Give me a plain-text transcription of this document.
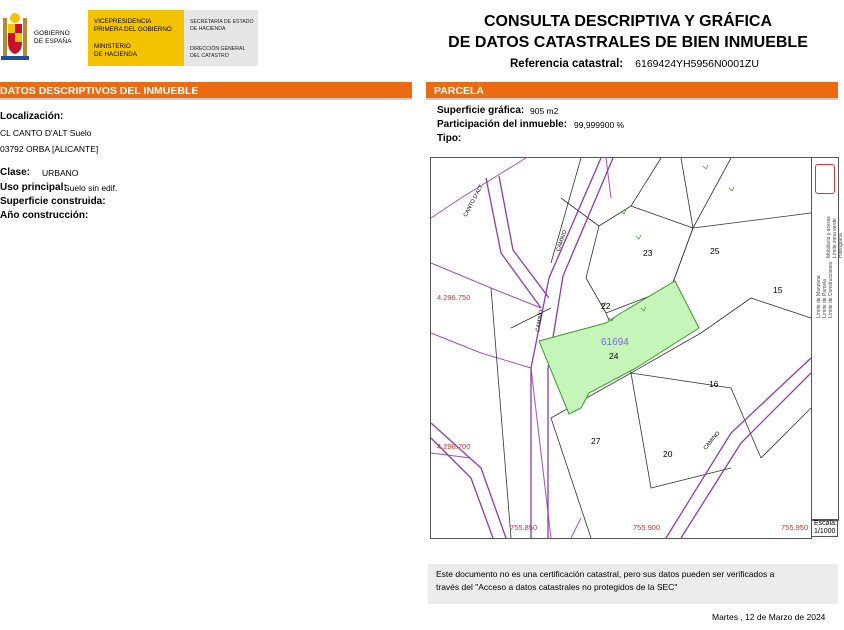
GOBIERNO
DE ESPAÑA
VICEPRESIDENCIA
PRIMERA DEL GOBIERNO
MINISTERIO
DE HACIENDA
SECRETARÍA DE ESTADO
DE HACIENDA
DIRECCIÓN GENERAL
DEL CATASTRO
CONSULTA DESCRIPTIVA Y GRÁFICA
DE DATOS CATASTRALES DE BIEN INMUEBLE
Referencia catastral: 6169424YH5956N0001ZU
DATOS DESCRIPTIVOS DEL INMUEBLE
Localización:
CL CANTO D'ALT Suelo
03792 ORBA [ALICANTE]
Clase: URBANO
Uso principal:
Suelo sin edif.
Superficie construida:
Año construcción:
PARCELA
Superficie gráfica: 905 m2
Participación del inmueble: 99,999900 %
Tipo:
23	25
15
22
16
27
20
61694
24
4.296.750
4.296.700
755.850	755.900	755.950
CANTO D'ALT
CAMINO
CAMINO
CAMINO
Límite de Manzana Límite de Parcela Límite de Construcciones
Mobiliario y aceras Límite zona verde Hidrografía
Escala:
1/1000
Este documento no es una certificación catastral, pero sus datos pueden ser verificados a
través del "Acceso a datos catastrales no protegidos de la SEC"
Martes , 12 de Marzo de 2024
